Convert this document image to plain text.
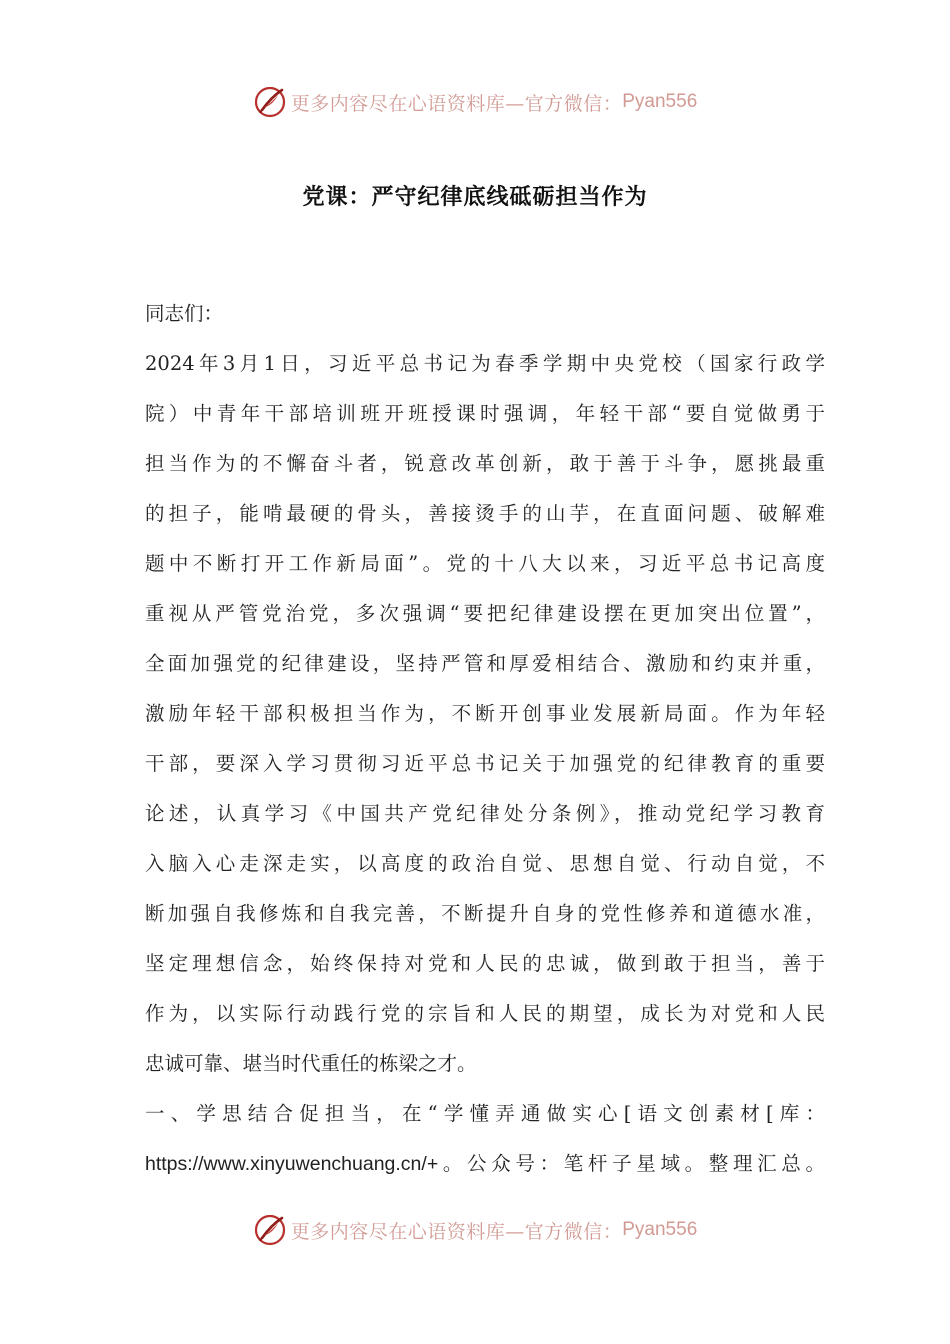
更多内容尽在心语资料库—官方微信： Pyan556
党课：严守纪律底线砥砺担当作为
同志们：
2024年3月1日，习近平总书记为春季学期中央党校（国家行政学
院）中青年干部培训班开班授课时强调，年轻干部“要自觉做勇于
担当作为的不懈奋斗者，锐意改革创新，敢于善于斗争，愿挑最重
的担子，能啃最硬的骨头，善接烫手的山芋，在直面问题、破解难
题中不断打开工作新局面”。党的十八大以来，习近平总书记高度
重视从严管党治党，多次强调“要把纪律建设摆在更加突出位置”，
全面加强党的纪律建设，坚持严管和厚爱相结合、激励和约束并重，
激励年轻干部积极担当作为，不断开创事业发展新局面。作为年轻
干部，要深入学习贯彻习近平总书记关于加强党的纪律教育的重要
论述，认真学习《中国共产党纪律处分条例》，推动党纪学习教育
入脑入心走深走实，以高度的政治自觉、思想自觉、行动自觉，不
断加强自我修炼和自我完善，不断提升自身的党性修养和道德水准，
坚定理想信念，始终保持对党和人民的忠诚，做到敢于担当，善于
作为，以实际行动践行党的宗旨和人民的期望，成长为对党和人民
忠诚可靠、堪当时代重任的栋梁之才。
一、学思结合促担当，在“学懂弄通做实心[语文创素材[库：
https://www.xinyuwenchuang.cn/+。公众号：笔杆子星域。整理汇总。
更多内容尽在心语资料库—官方微信： Pyan556
